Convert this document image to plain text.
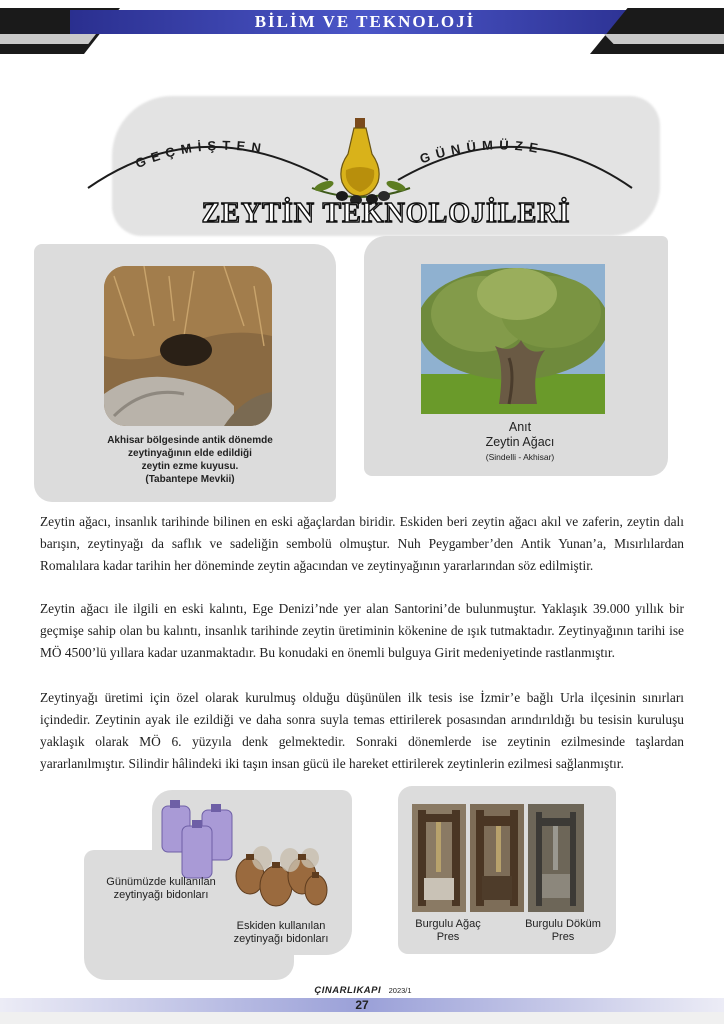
BİLİM VE TEKNOLOJİ
GEÇMİŞTEN	GÜNÜMÜZE
ZEYTİN TEKNOLOJİLERİ
Akhisar bölgesinde antik dönemde
zeytinyağının elde edildiği
zeytin ezme kuyusu.
(Tabantepe Mevkii)
Anıt
Zeytin Ağacı
(Sindelli - Akhisar)

Zeytin ağacı, insanlık tarihinde bilinen en eski ağaçlardan biridir. Eskiden beri zeytin ağacı akıl ve zaferin, zeytin dalı barışın, zeytinyağı da saflık ve sadeliğin sembolü olmuştur. Nuh Peygamber’den Antik Yunan’a, Mısırlılardan Romalılara kadar tarihin her döneminde zeytin ağacından ve zeytinyağının yararlarından söz edilmiştir.

Zeytin ağacı ile ilgili en eski kalıntı, Ege Denizi’nde yer alan Santorini’de bulunmuştur. Yaklaşık 39.000 yıllık bir geçmişe sahip olan bu kalıntı, insanlık tarihinde zeytin üretiminin kökenine de ışık tutmaktadır. Zeytinyağının tarihi ise MÖ 4500’lü yıllara kadar uzanmaktadır. Bu konudaki en önemli bulguya Girit medeniyetinde rastlanmıştır.

Zeytinyağı üretimi için özel olarak kurulmuş olduğu düşünülen ilk tesis ise İzmir’e bağlı Urla ilçesinin sınırları içindedir. Zeytinin ayak ile ezildiği ve daha sonra suyla temas ettirilerek posasından arındırıldığı bu tesisin kuruluşu yaklaşık olarak MÖ 6. yüzyıla denk gelmektedir. Sonraki dönemlerde ise zeytinin ezilmesinde taşlardan yararlanılmıştır. Silindir hâlindeki iki taşın insan gücü ile hareket ettirilerek zeytinlerin ezilmesi sağlanmıştır.

Günümüzde kullanılan
zeytinyağı bidonları
Eskiden kullanılan
zeytinyağı bidonları
Burgulu Ağaç
Pres
Burgulu Döküm
Pres
ÇINARLIKAPI 2023/1
27
